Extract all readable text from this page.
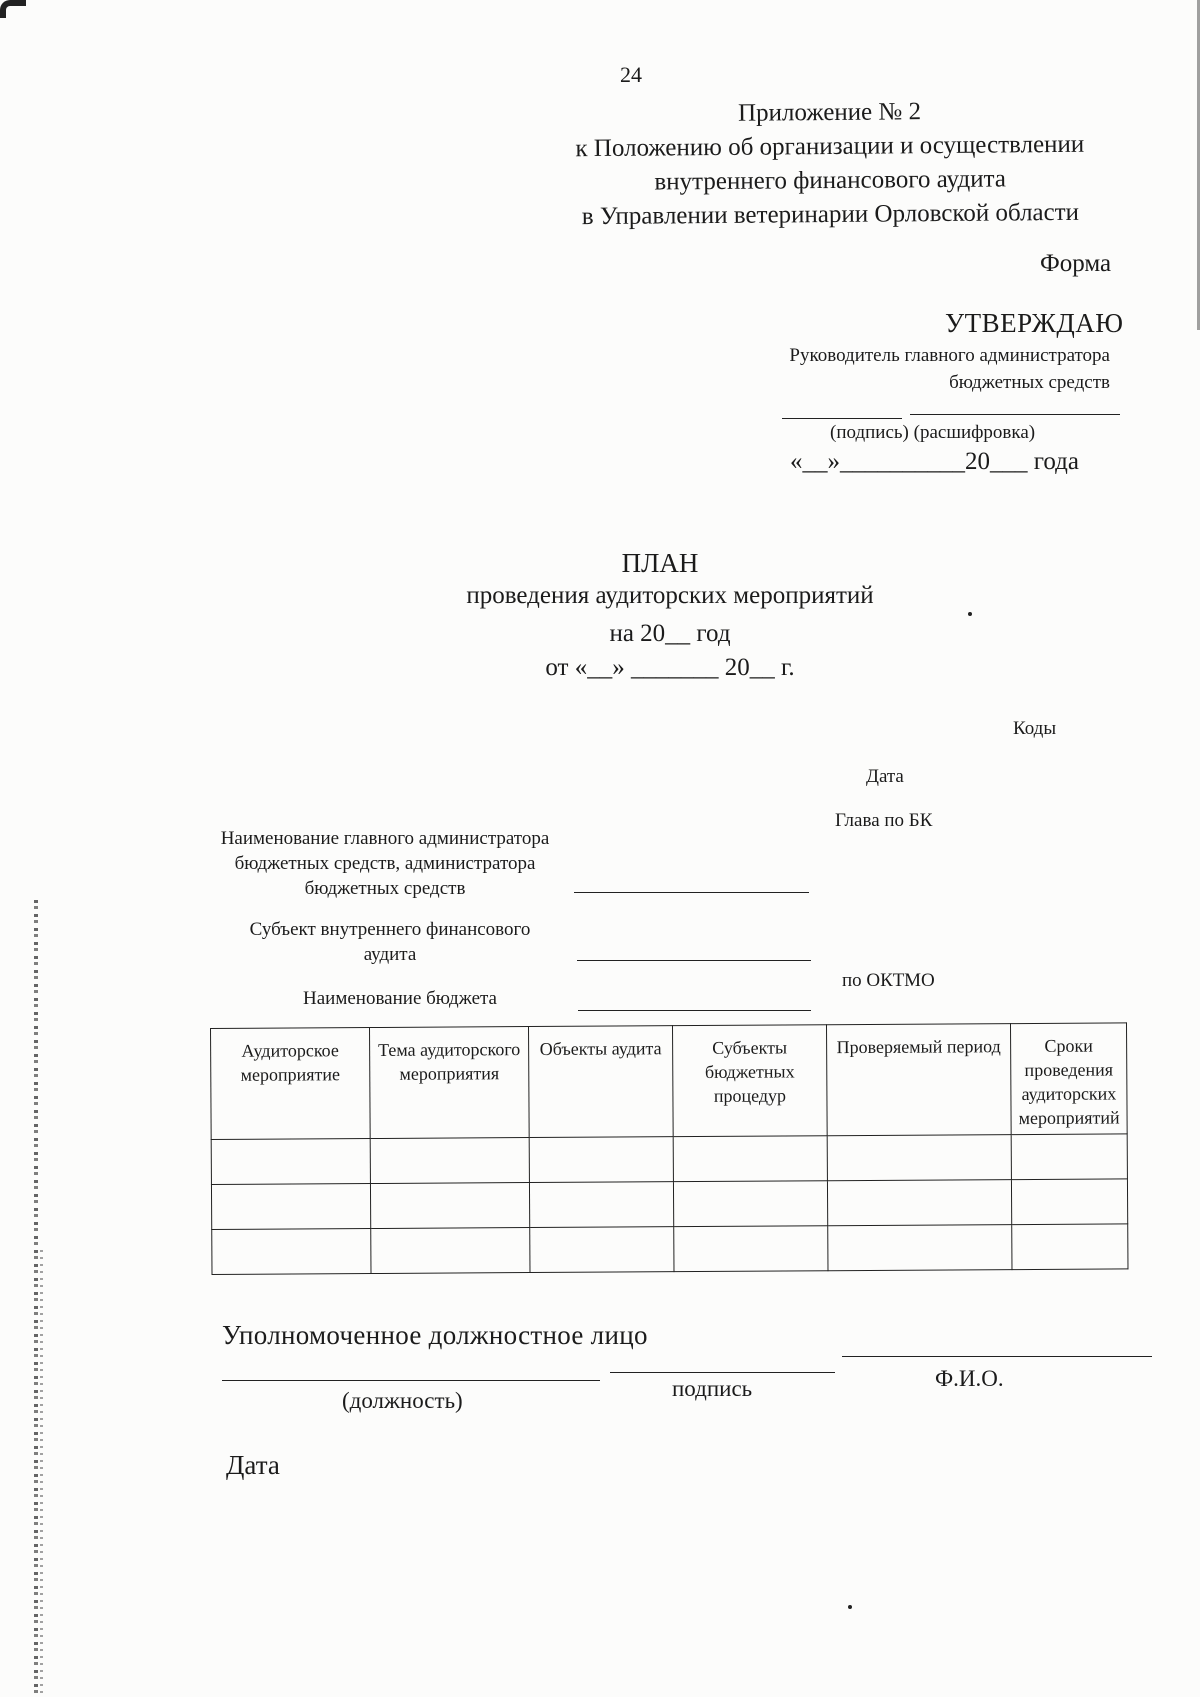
24
Приложение № 2
к Положению об организации и осуществлении
внутреннего финансового аудита
в Управлении ветеринарии Орловской области
Форма
УТВЕРЖДАЮ
Руководитель главного администратора
бюджетных средств
(подпись) (расшифровка)
«__»__________20___ года
ПЛАН
проведения аудиторских мероприятий
на 20__ год
от «__» _______ 20__ г.
Коды
Дата
Глава по БК
по ОКТМО
Наименование главного администратора
бюджетных средств, администратора
бюджетных средств
Субъект внутреннего финансового
аудита
Наименование бюджета
Аудиторское мероприятие	Тема аудиторского мероприятия	Объекты аудита	Субъекты бюджетных процедур	Проверяемый период	Сроки проведения аудиторских мероприятий

Уполномоченное должностное лицо
(должность)	подпись	Ф.И.О.
Дата
